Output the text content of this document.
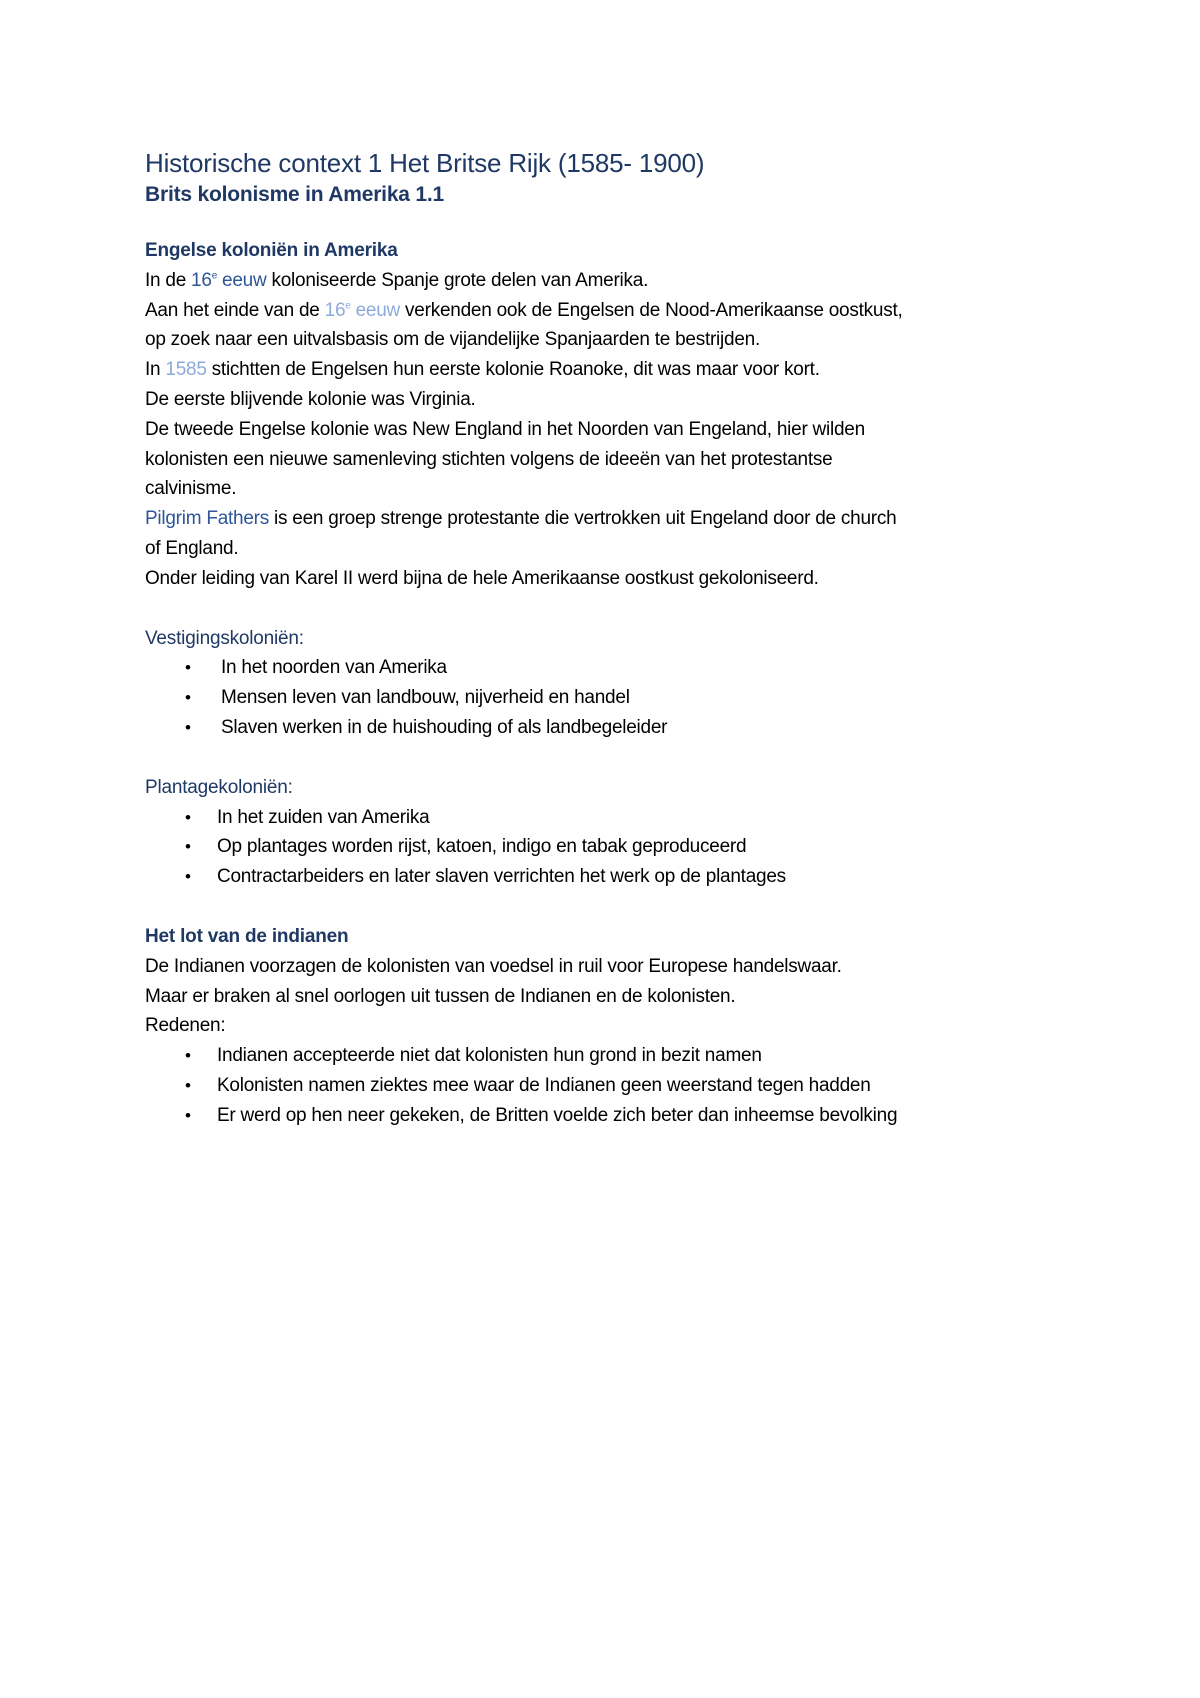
Historische context 1 Het Britse Rijk (1585- 1900)
Brits kolonisme in Amerika 1.1
Engelse koloniën in Amerika

In de 16e eeuw koloniseerde Spanje grote delen van Amerika.

Aan het einde van de 16e eeuw verkenden ook de Engelsen de Nood-Amerikaanse oostkust,

op zoek naar een uitvalsbasis om de vijandelijke Spanjaarden te bestrijden.

In 1585 stichtten de Engelsen hun eerste kolonie Roanoke, dit was maar voor kort.

De eerste blijvende kolonie was Virginia.

De tweede Engelse kolonie was New England in het Noorden van Engeland, hier wilden

kolonisten een nieuwe samenleving stichten volgens de ideeën van het protestantse

calvinisme.

Pilgrim Fathers is een groep strenge protestante die vertrokken uit Engeland door de church

of England.

Onder leiding van Karel II werd bijna de hele Amerikaanse oostkust gekoloniseerd.

Vestigingskoloniën:
• In het noorden van Amerika
• Mensen leven van landbouw, nijverheid en handel
• Slaven werken in de huishouding of als landbegeleider
Plantagekoloniën:
• In het zuiden van Amerika
• Op plantages worden rijst, katoen, indigo en tabak geproduceerd
• Contractarbeiders en later slaven verrichten het werk op de plantages
Het lot van de indianen

De Indianen voorzagen de kolonisten van voedsel in ruil voor Europese handelswaar.

Maar er braken al snel oorlogen uit tussen de Indianen en de kolonisten.

Redenen:

• Indianen accepteerde niet dat kolonisten hun grond in bezit namen
• Kolonisten namen ziektes mee waar de Indianen geen weerstand tegen hadden
• Er werd op hen neer gekeken, de Britten voelde zich beter dan inheemse bevolking
